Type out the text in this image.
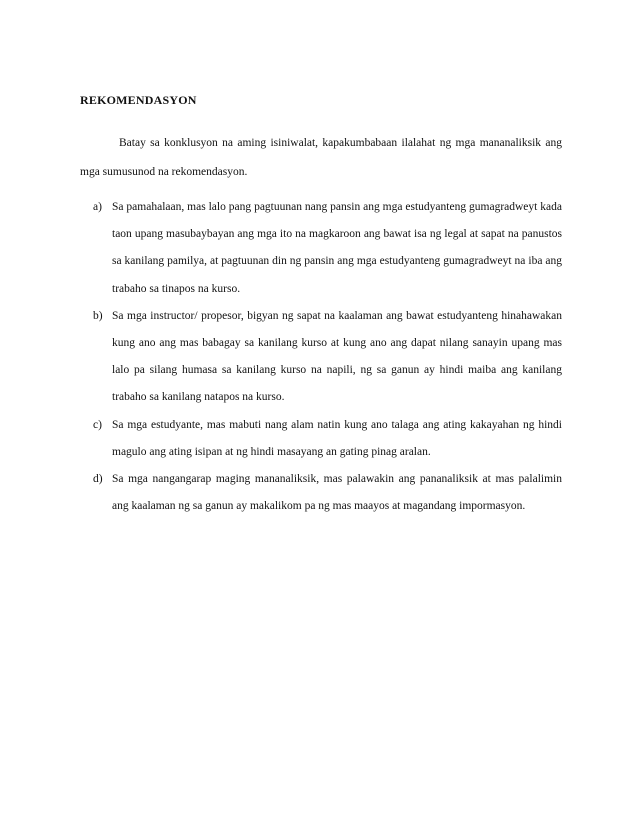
REKOMENDASYON

Batay sa konklusyon na aming isiniwalat, kapakumbabaan ilalahat ng mga mananaliksik ang mga sumusunod na rekomendasyon.

a) Sa pamahalaan, mas lalo pang pagtuunan nang pansin ang mga estudyanteng gumagradweyt kada taon upang masubaybayan ang mga ito na magkaroon ang bawat isa ng legal at sapat na panustos sa kanilang pamilya, at pagtuunan din ng pansin ang mga estudyanteng gumagradweyt na iba ang trabaho sa tinapos na kurso.
b) Sa mga instructor/ propesor, bigyan ng sapat na kaalaman ang bawat estudyanteng hinahawakan kung ano ang mas babagay sa kanilang kurso at kung ano ang dapat nilang sanayin upang mas lalo pa silang humasa sa kanilang kurso na napili, ng sa ganun ay hindi maiba ang kanilang trabaho sa kanilang natapos na kurso.
c) Sa mga estudyante, mas mabuti nang alam natin kung ano talaga ang ating kakayahan ng hindi magulo ang ating isipan at ng hindi masayang an gating pinag aralan.
d) Sa mga nangangarap maging mananaliksik, mas palawakin ang pananaliksik at mas palalimin ang kaalaman ng sa ganun ay makalikom pa ng mas maayos at magandang impormasyon.
